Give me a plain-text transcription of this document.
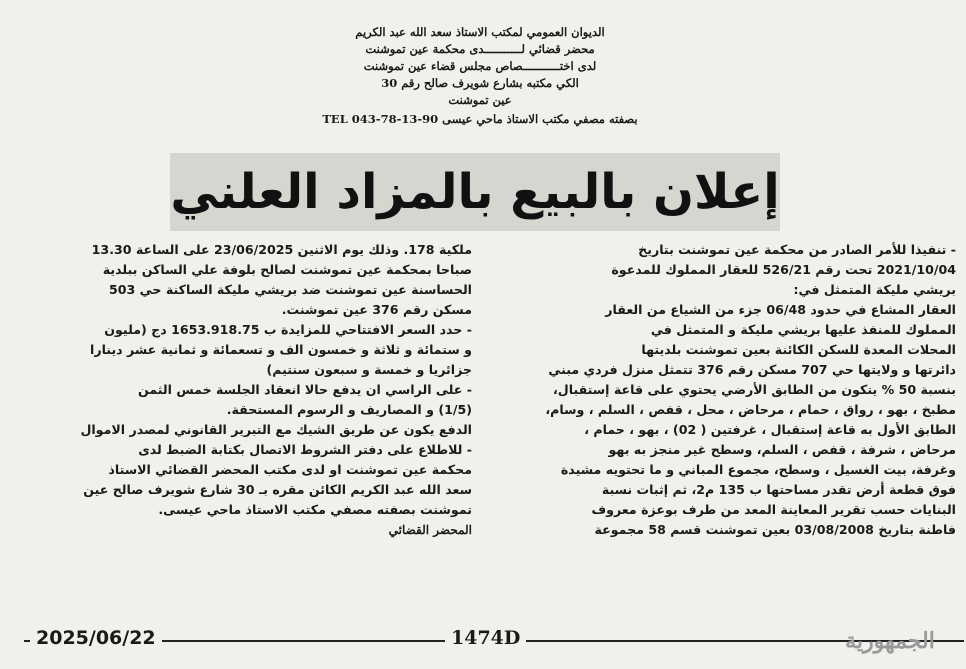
الديوان العمومي لمكتب الاستاذ سعد الله عبد الكريم
محضر قضائي لـــــــــــدى محكمة عين تموشنت
لدى اختـــــــــــصاص مجلس قضاء عين تموشنت
الكي مكتبه بشارع شويرف صالح رقم 30
عين تموشنت
بصفته مصفي مكتب الاستاذ ماحي عيسى TEL 043-78-13-90
إعلان بالبيع بالمزاد العلني

- تنفيذا للأمر الصادر من محكمة عين تموشنت بتاريخ

2021/10/04 تحت رقم 526/21 للعقار المملوك للمدعوة

بريشي مليكة المتمثل في:

العقار المشاع في حدود 06/48 جزء من الشياع من العقار

المملوك للمنفذ عليها بريشي مليكة و المتمثل في

المحلات المعدة للسكن الكائنة بعين تموشنت بلديتها

دائرتها و ولايتها حي 707 مسكن رقم 376 تتمثل منزل فردي مبني

بنسبة 50 % يتكون من الطابق الأرضي يحتوي على قاعة إستقبال،

مطبخ ، بهو ، رواق ، حمام ، مرحاض ، محل ، قفص ، السلم ، وسام،

الطابق الأول به قاعة إستقبال ، غرفتين ( 02) ، بهو ، حمام ،

مرحاض ، شرفة ، قفص ، السلم، وسطح غير منجز به بهو

وغرفة، بيت الغسيل ، وسطح، مجموع المباني و ما تحتويه مشيدة

فوق قطعة أرض تقدر مساحتها ب 135 م2، ثم إثبات نسبة

البنايات حسب تقرير المعاينة المعد من طرف بوعزة معروف

فاطنة بتاريخ 03/08/2008 بعين تموشنت قسم 58 مجموعة

ملكية 178. وذلك يوم الاثنين 23/06/2025 على الساعة 13.30

صباحا بمحكمة عين تموشنت لصالح بلوفة علي الساكن ببلدية

الحساسنة عين تموشنت ضد بريشي مليكة الساكنة حي 503

مسكن رقم 376 عين تموشنت.

- حدد السعر الافتتاحي للمزايدة ب 1653.918.75 دج (مليون

و ستمائة و ثلاثة و خمسون الف و تسعمائة و ثمانية عشر دينارا

جزائريا و خمسة و سبعون سنتيم)

- على الراسي ان يدفع حالا انعقاد الجلسة خمس الثمن

(1/5) و المصاريف و الرسوم المستحقة.

الدفع يكون عن طريق الشيك مع التبرير القانوني لمصدر الاموال

- للاطلاع على دفتر الشروط الاتصال بكتابة الضبط لدى

محكمة عين تموشنت او لدى مكتب المحضر القضائي الاستاذ

سعد الله عبد الكريم الكائن مقره بـ 30 شارع شويرف صالح عين

تموشنت بصفته مصفي مكتب الاستاذ ماحي عيسى.

المحضر القضائي

2025/06/22	1474D	الجمهورية
